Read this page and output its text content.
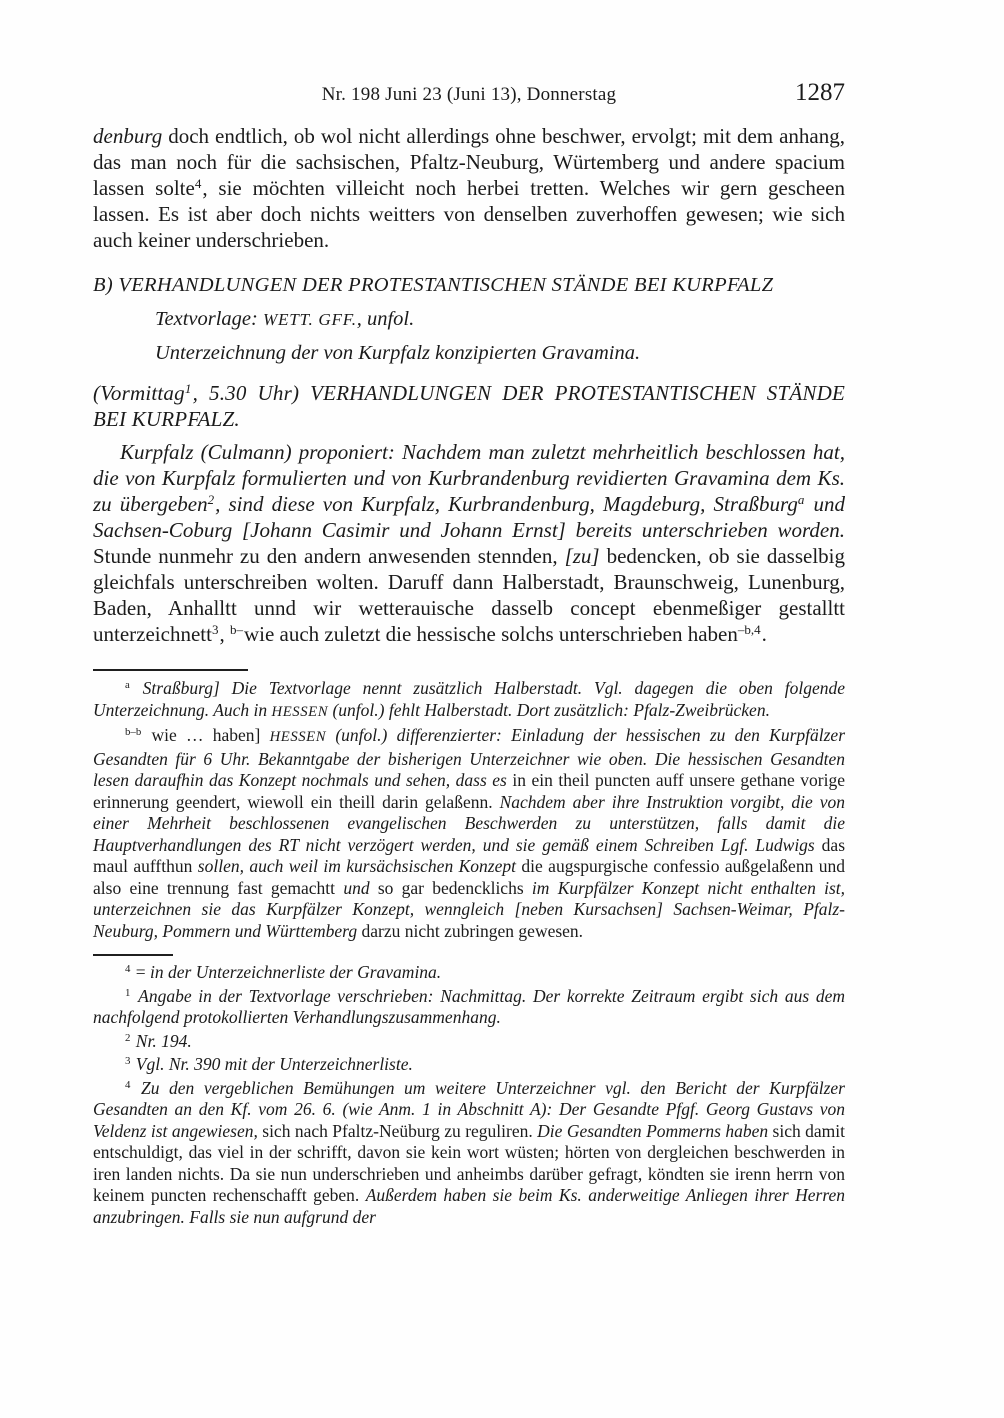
Nr. 198 Juni 23 (Juni 13), Donnerstag	1287

denburg doch endtlich, ob wol nicht allerdings ohne beschwer, ervolgt; mit dem anhang, das man noch für die sachsischen, Pfaltz-Neuburg, Würtemberg und andere spacium lassen solte$^4$, sie möchten villeicht noch herbei tretten. Welches wir gern gescheen lassen. Es ist aber doch nichts weitters von denselben zuverhoffen gewesen; wie sich auch keiner underschrieben.

B) VERHANDLUNGEN DER PROTESTANTISCHEN STÄNDE BEI KURPFALZ

Textvorlage: WETT. GFF., unfol.

Unterzeichnung der von Kurpfalz konzipierten Gravamina.

(Vormittag$^1$, 5.30 Uhr) VERHANDLUNGEN DER PROTESTANTISCHEN STÄNDE BEI KURPFALZ.

Kurpfalz (Culmann) proponiert: Nachdem man zuletzt mehrheitlich beschlossen hat, die von Kurpfalz formulierten und von Kurbrandenburg revidierten Gravamina dem Ks. zu übergeben$^2$, sind diese von Kurpfalz, Kurbrandenburg, Magdeburg, Straßburg$^a$ und Sachsen-Coburg [Johann Casimir und Johann Ernst] bereits unterschrieben worden. Stunde nunmehr zu den andern anwesenden stennden, [zu] bedencken, ob sie dasselbig gleichfals unterschreiben wolten. Daruff dann Halberstadt, Braunschweig, Lunenburg, Baden, Anhalltt unnd wir wetterauische dasselb concept ebenmeßiger gestalltt unterzeichnett$^3$, $^{b-}$wie auch zuletzt die hessische solchs unterschrieben haben$^{-b,4}$.

$^a$ Straßburg] Die Textvorlage nennt zusätzlich Halberstadt. Vgl. dagegen die oben folgende Unterzeichnung. Auch in HESSEN (unfol.) fehlt Halberstadt. Dort zusätzlich: Pfalz-Zweibrücken.

$^{b-b}$ wie … haben] HESSEN (unfol.) differenzierter: Einladung der hessischen zu den Kurpfälzer Gesandten für 6 Uhr. Bekanntgabe der bisherigen Unterzeichner wie oben. Die hessischen Gesandten lesen daraufhin das Konzept nochmals und sehen, dass es in ein theil puncten auff unsere gethane vorige erinnerung geendert, wiewoll ein theill darin gelaßenn. Nachdem aber ihre Instruktion vorgibt, die von einer Mehrheit beschlossenen evangelischen Beschwerden zu unterstützen, falls damit die Hauptverhandlungen des RT nicht verzögert werden, und sie gemäß einem Schreiben Lgf. Ludwigs das maul auffthun sollen, auch weil im kursächsischen Konzept die augspurgische confessio außgelaßenn und also eine trennung fast gemachtt und so gar bedencklichs im Kurpfälzer Konzept nicht enthalten ist, unterzeichnen sie das Kurpfälzer Konzept, wenngleich [neben Kursachsen] Sachsen-Weimar, Pfalz-Neuburg, Pommern und Württemberg darzu nicht zubringen gewesen.

$^4$ = in der Unterzeichnerliste der Gravamina.

$^1$ Angabe in der Textvorlage verschrieben: Nachmittag. Der korrekte Zeitraum ergibt sich aus dem nachfolgend protokollierten Verhandlungszusammenhang.

$^2$ Nr. 194.

$^3$ Vgl. Nr. 390 mit der Unterzeichnerliste.

$^4$ Zu den vergeblichen Bemühungen um weitere Unterzeichner vgl. den Bericht der Kurpfälzer Gesandten an den Kf. vom 26. 6. (wie Anm. 1 in Abschnitt A): Der Gesandte Pfgf. Georg Gustavs von Veldenz ist angewiesen, sich nach Pfaltz-Neüburg zu reguliren. Die Gesandten Pommerns haben sich damit entschuldigt, das viel in der schrifft, davon sie kein wort wüsten; hörten von dergleichen beschwerden in iren landen nichts. Da sie nun underschrieben und anheimbs darüber gefragt, köndten sie irenn herrn von keinem puncten rechenschafft geben. Außerdem haben sie beim Ks. anderweitige Anliegen ihrer Herren anzubringen. Falls sie nun aufgrund der
